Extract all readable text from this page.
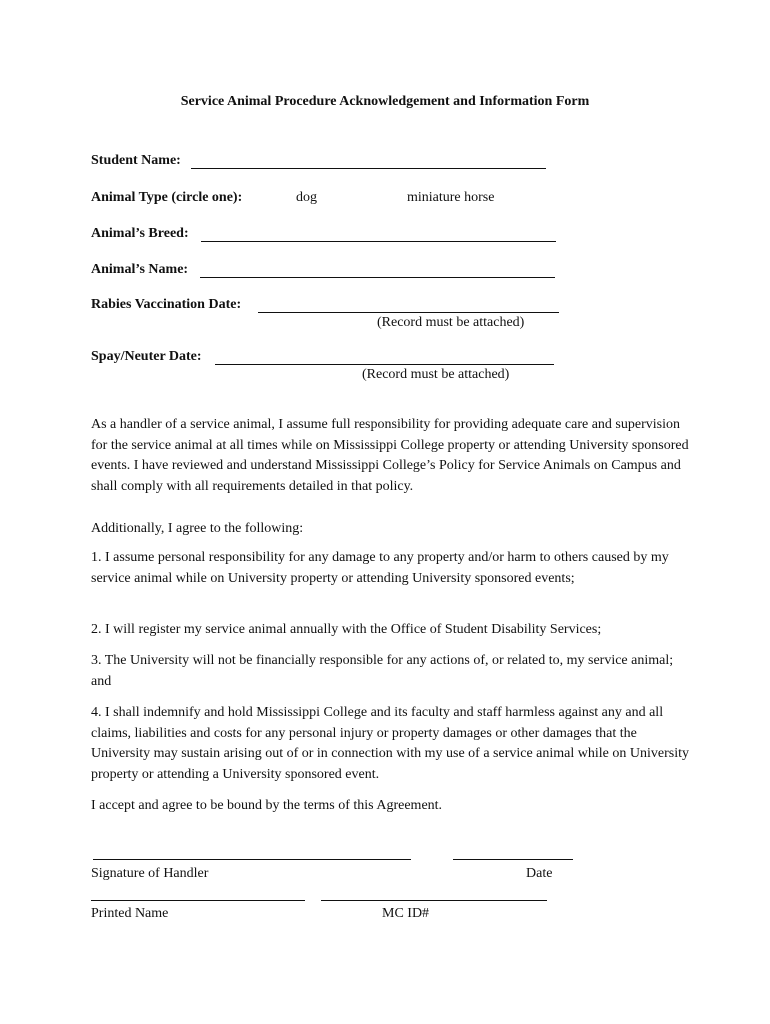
Service Animal Procedure Acknowledgement and Information Form
Student Name:
Animal Type (circle one):	dog	miniature horse
Animal’s Breed:
Animal’s Name:
Rabies Vaccination Date:
(Record must be attached)
Spay/Neuter Date:
(Record must be attached)
As a handler of a service animal, I assume full responsibility for providing adequate care and supervision for the service animal at all times while on Mississippi College property or attending University sponsored events. I have reviewed and understand Mississippi College’s Policy for Service Animals on Campus and shall comply with all requirements detailed in that policy.
Additionally, I agree to the following:
1. I assume personal responsibility for any damage to any property and/or harm to others caused by my service animal while on University property or attending University sponsored events;
2. I will register my service animal annually with the Office of Student Disability Services;
3. The University will not be financially responsible for any actions of, or related to, my service animal; and
4. I shall indemnify and hold Mississippi College and its faculty and staff harmless against any and all claims, liabilities and costs for any personal injury or property damages or other damages that the University may sustain arising out of or in connection with my use of a service animal while on University property or attending a University sponsored event.
I accept and agree to be bound by the terms of this Agreement.
Signature of Handler	Date
Printed Name	MC ID#
